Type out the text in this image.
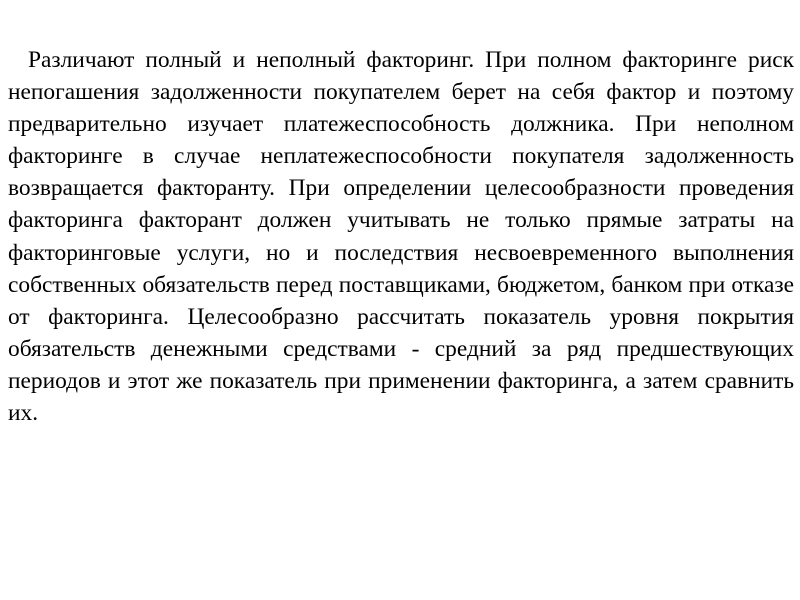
Различают полный и неполный факторинг. При полном факторинге риск непогашения задолженности покупателем берет на себя фактор и поэтому предварительно изучает платежеспособность должника. При неполном факторинге в случае неплатежеспособности покупателя задолженность возвращается факторанту. При определении целесообразности проведения факторинга факторант должен учитывать не только прямые затраты на факторинговые услуги, но и последствия несвоевременного выполнения собственных обязательств перед поставщиками, бюджетом, банком при отказе от факторинга. Целесообразно рассчитать показатель уровня покрытия обязательств денежными средствами - средний за ряд предшествующих периодов и этот же показатель при применении факторинга, а затем сравнить их.
